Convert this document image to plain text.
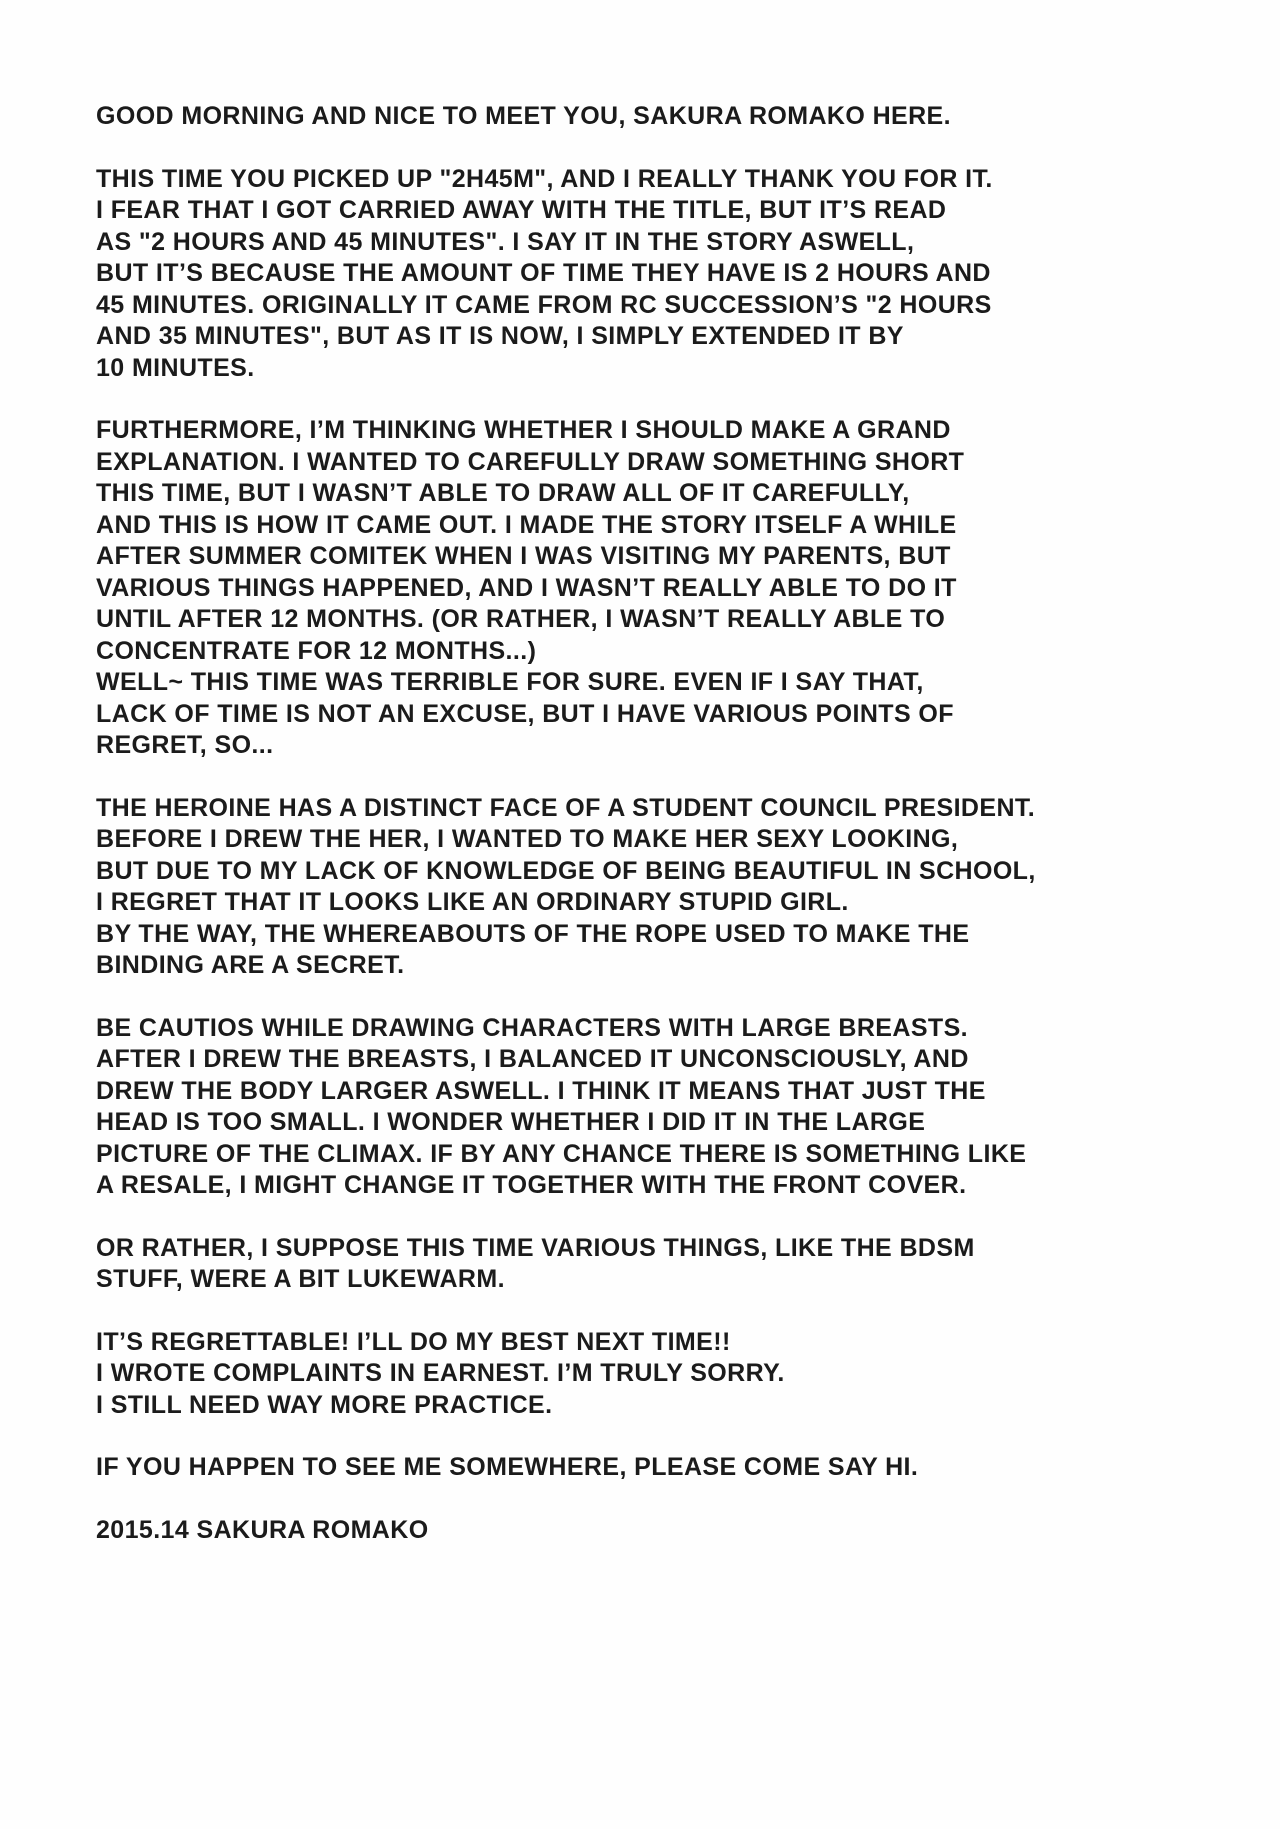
GOOD MORNING AND NICE TO MEET YOU, SAKURA ROMAKO HERE.

THIS TIME YOU PICKED UP "2H45M", AND I REALLY THANK YOU FOR IT.
I FEAR THAT I GOT CARRIED AWAY WITH THE TITLE, BUT IT’S READ
AS "2 HOURS AND 45 MINUTES". I SAY IT IN THE STORY ASWELL,
BUT IT’S BECAUSE THE AMOUNT OF TIME THEY HAVE IS 2 HOURS AND
45 MINUTES. ORIGINALLY IT CAME FROM RC SUCCESSION’S "2 HOURS
AND 35 MINUTES", BUT AS IT IS NOW, I SIMPLY EXTENDED IT BY
10 MINUTES.

FURTHERMORE, I’M THINKING WHETHER I SHOULD MAKE A GRAND
EXPLANATION. I WANTED TO CAREFULLY DRAW SOMETHING SHORT
THIS TIME, BUT I WASN’T ABLE TO DRAW ALL OF IT CAREFULLY,
AND THIS IS HOW IT CAME OUT. I MADE THE STORY ITSELF A WHILE
AFTER SUMMER COMITEK WHEN I WAS VISITING MY PARENTS, BUT
VARIOUS THINGS HAPPENED, AND I WASN’T REALLY ABLE TO DO IT
UNTIL AFTER 12 MONTHS. (OR RATHER, I WASN’T REALLY ABLE TO
CONCENTRATE FOR 12 MONTHS...)
WELL~ THIS TIME WAS TERRIBLE FOR SURE. EVEN IF I SAY THAT,
LACK OF TIME IS NOT AN EXCUSE, BUT I HAVE VARIOUS POINTS OF
REGRET, SO...

THE HEROINE HAS A DISTINCT FACE OF A STUDENT COUNCIL PRESIDENT.
BEFORE I DREW THE HER, I WANTED TO MAKE HER SEXY LOOKING,
BUT DUE TO MY LACK OF KNOWLEDGE OF BEING BEAUTIFUL IN SCHOOL,
I REGRET THAT IT LOOKS LIKE AN ORDINARY STUPID GIRL.
BY THE WAY, THE WHEREABOUTS OF THE ROPE USED TO MAKE THE
BINDING ARE A SECRET.

BE CAUTIOS WHILE DRAWING CHARACTERS WITH LARGE BREASTS.
AFTER I DREW THE BREASTS, I BALANCED IT UNCONSCIOUSLY, AND
DREW THE BODY LARGER ASWELL. I THINK IT MEANS THAT JUST THE
HEAD IS TOO SMALL. I WONDER WHETHER I DID IT IN THE LARGE
PICTURE OF THE CLIMAX. IF BY ANY CHANCE THERE IS SOMETHING LIKE
A RESALE, I MIGHT CHANGE IT TOGETHER WITH THE FRONT COVER.

OR RATHER, I SUPPOSE THIS TIME VARIOUS THINGS, LIKE THE BDSM
STUFF, WERE A BIT LUKEWARM.

IT’S REGRETTABLE! I’LL DO MY BEST NEXT TIME!!
I WROTE COMPLAINTS IN EARNEST. I’M TRULY SORRY.
I STILL NEED WAY MORE PRACTICE.

IF YOU HAPPEN TO SEE ME SOMEWHERE, PLEASE COME SAY HI.

2015.14 SAKURA ROMAKO
